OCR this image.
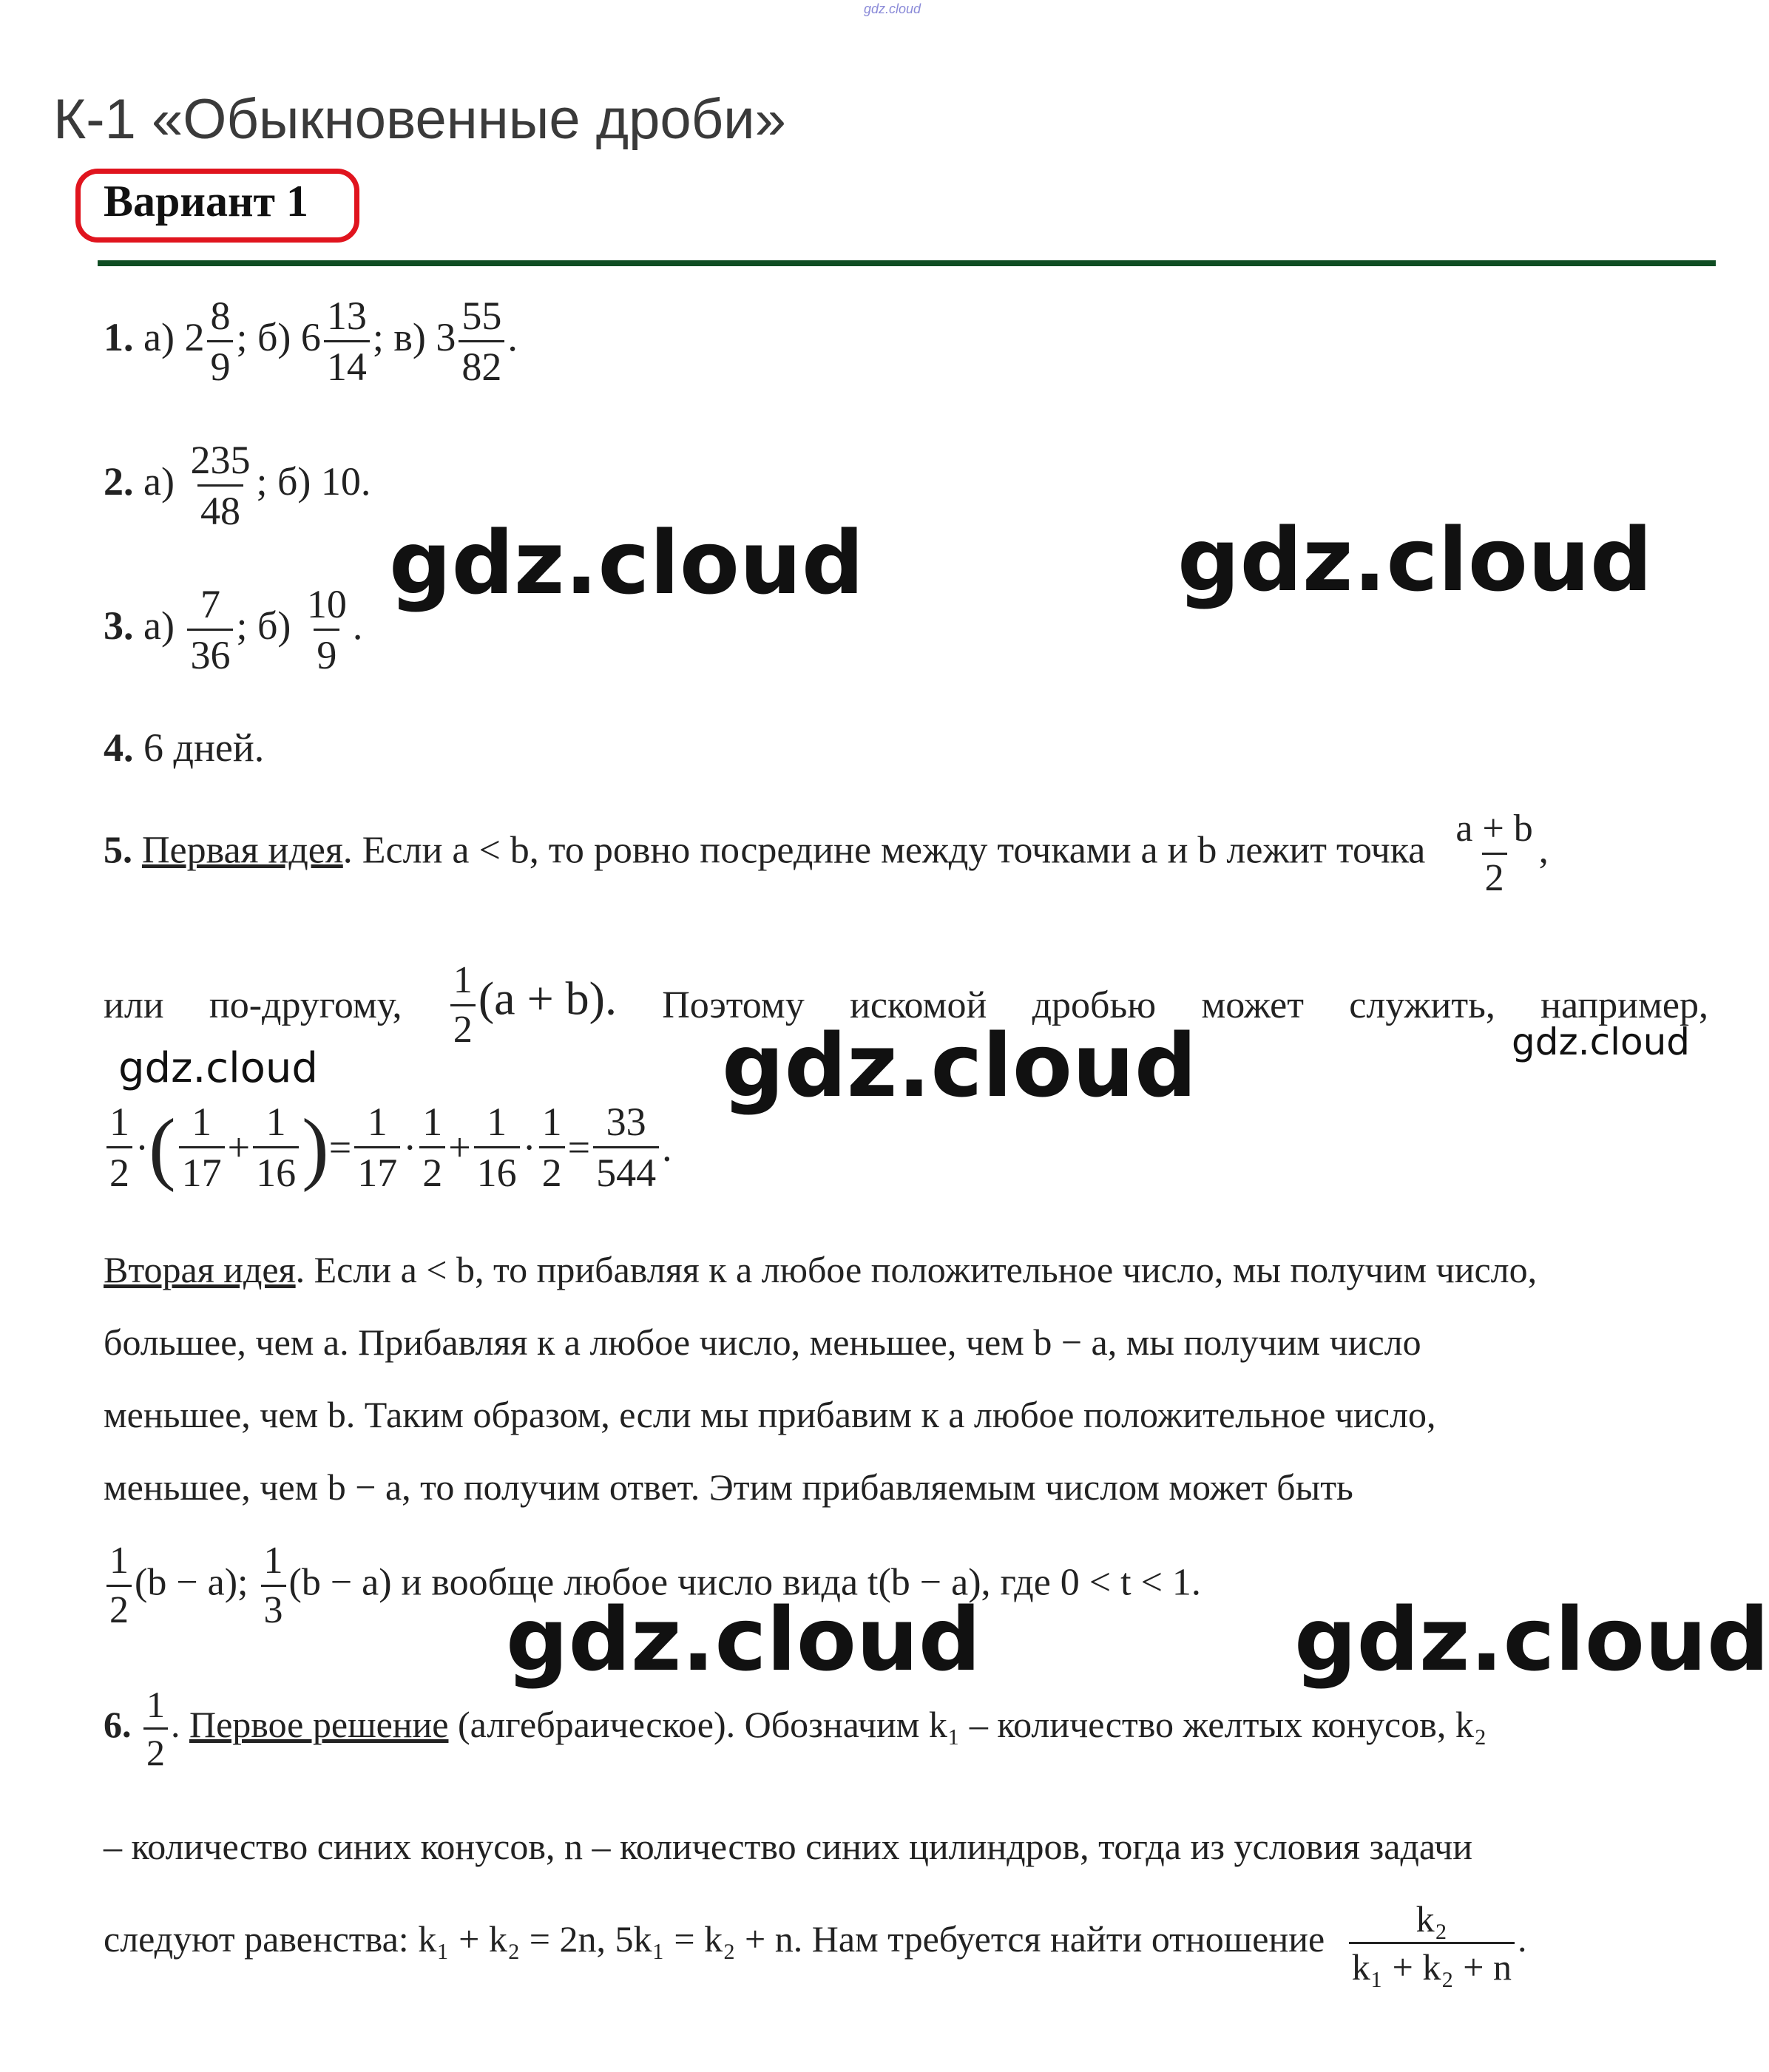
gdz.cloud
К-1 «Обыкновенные дроби»
Вариант 1
1. а) $2 \frac{8}{9}$ ; б) $6 \frac{13}{14}$ ; в) $3 \frac{55}{82}$ .
2. $а) \frac{235}{48}$ ; б) 10.
3. $а) \frac{7}{36}$ ; $б) \frac{10}{9}$ .
4. 6 дней.
5. Первая идея. Если a < b, то ровно посредине между точками a и b лежит точка $\frac{a + b}{2}$ ,
или по-другому, $\frac{1}{2} (a + b)$. Поэтому искомой дробью может служить, например,
$\frac{1}{2}$ ·( $\frac{1}{17} + \frac{1}{16}$ )= $\frac{1}{17} \cdot \frac{1}{2} + \frac{1}{16} \cdot \frac{1}{2} = \frac{33}{544}$ .
Вторая идея. Если a < b, то прибавляя к a любое положительное число, мы получим число,
большее, чем a. Прибавляя к a любое число, меньшее, чем b − a, мы получим число
меньшее, чем b. Таким образом, если мы прибавим к a любое положительное число,
меньшее, чем b − a, то получим ответ. Этим прибавляемым числом может быть
$\frac{1}{2} (b - a)$; $\frac{1}{3} (b - a)$ и вообще любое число вида t(b − a), где 0 < t < 1.
6. $\frac{1}{2}$ . Первое решение (алгебраическое). Обозначим k₁ – количество желтых конусов, k₂
– количество синих конусов, n – количество синих цилиндров, тогда из условия задачи
следуют равенства: k₁ + k₂ = 2n, 5k₁ = k₂ + n. Нам требуется найти отношение $\frac{\text{k₂}}{\text{k₁ + k₂ + n}}$ .
gdz.cloud	gdz.cloud
gdz.cloud	gdz.cloud	gdz.cloud
gdz.cloud	gdz.cloud
